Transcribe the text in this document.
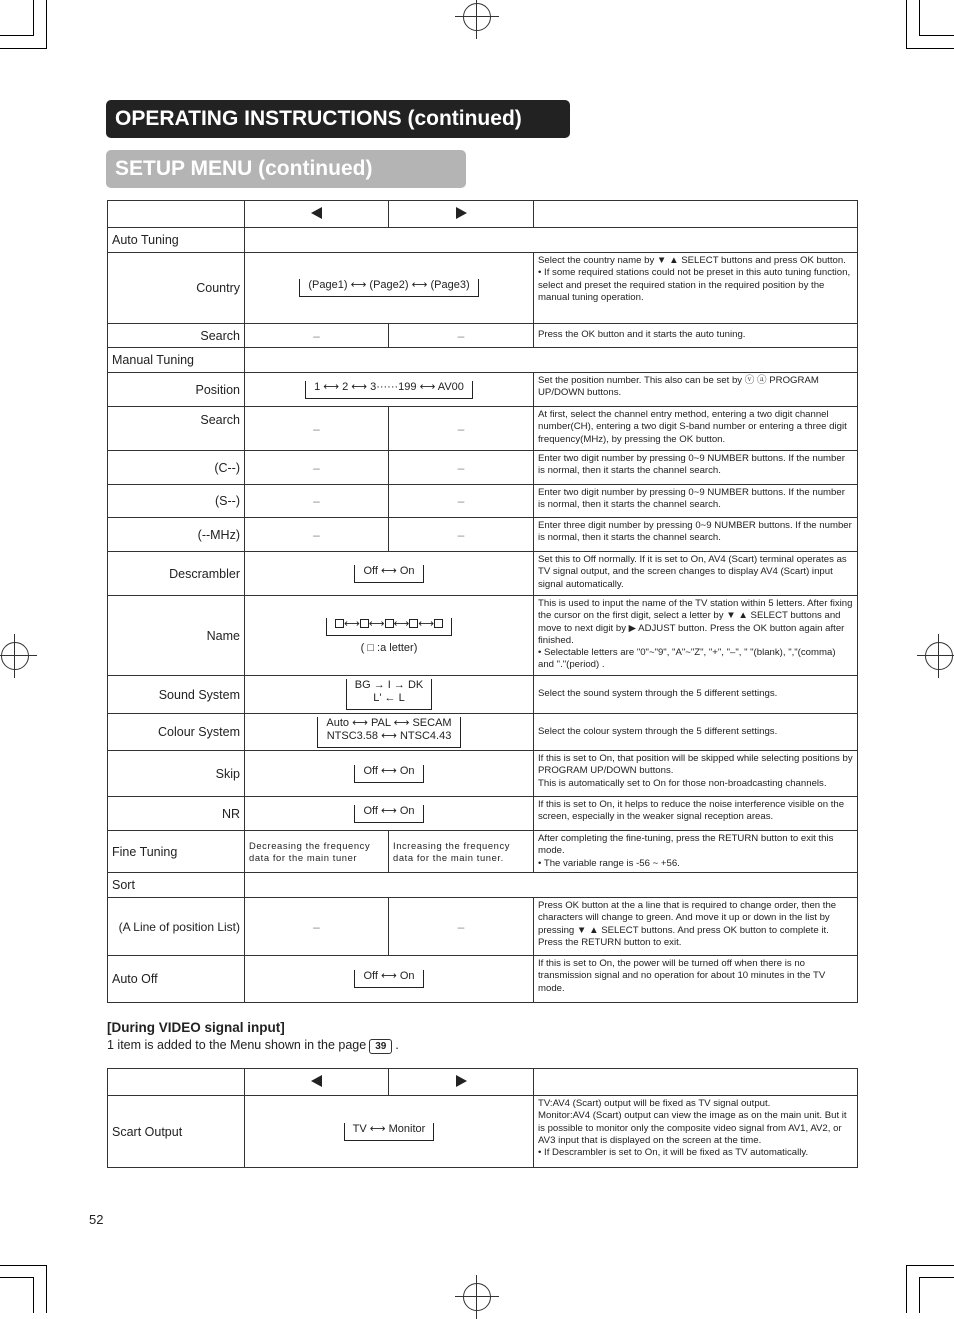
OPERATING INSTRUCTIONS (continued)
SETUP MENU (continued)

Auto Tuning			
Country	(Page1) ⟷ (Page2) ⟷ (Page3)		Select the country name by ▼ ▲ SELECT buttons and press OK button.
• If some required stations could not be preset in this auto tuning function, select and preset the required station in the required position by the manual tuning operation.
Search	–	–	Press the OK button and it starts the auto tuning.
Manual Tuning			
Position	1 ⟷ 2 ⟷ 3······199 ⟷ AV00		Set the position number. This also can be set by ⓥ ⓐ PROGRAM UP/DOWN buttons.
Search	–	–	At first, select the channel entry method, entering a two digit channel number(CH), entering a two digit S-band number or entering a three digit frequency(MHz), by pressing the OK button.
(C--)	–	–	Enter two digit number by pressing 0~9 NUMBER buttons. If the number is normal, then it starts the channel search.
(S--)	–	–	Enter two digit number by pressing 0~9 NUMBER buttons. If the number is normal, then it starts the channel search.
(--MHz)	–	–	Enter three digit number by pressing 0~9 NUMBER buttons. If the number is normal, then it starts the channel search.
Descrambler	Off ⟷ On		Set this to Off normally. If it is set to On, AV4 (Scart) terminal operates as TV signal output, and the screen changes to display AV4 (Scart) input signal automatically.
Name	⟷ ⟷ ⟷ ⟷
( □ :a letter)		This is used to input the name of the TV station within 5 letters. After fixing the cursor on the first digit, select a letter by ▼ ▲ SELECT buttons and move to next digit by ▶ ADJUST button. Press the OK button again after finished.
• Selectable letters are "0"~"9", "A"~"Z", "+", "–", " "(blank), ","(comma) and "."(period) .
Sound System	BG → I → DK
L' ← L		Select the sound system through the 5 different settings.
Colour System	Auto ⟷ PAL ⟷ SECAM
NTSC3.58 ⟷ NTSC4.43		Select the colour system through the 5 different settings.
Skip	Off ⟷ On		If this is set to On, that position will be skipped while selecting positions by PROGRAM UP/DOWN buttons.
This is automatically set to On for those non-broadcasting channels.
NR	Off ⟷ On		If this is set to On, it helps to reduce the noise interference visible on the screen, especially in the weaker signal reception areas.
Fine Tuning	Decreasing the frequency data for the main tuner	Increasing the frequency data for the main tuner.	After completing the fine-tuning, press the RETURN button to exit this mode.
• The variable range is -56 ~ +56.
Sort			
(A Line of position List)	–	–	Press OK button at the a line that is required to change order, then the characters will change to green. And move it up or down in the list by pressing ▼ ▲ SELECT buttons. And press OK button to complete it. Press the RETURN button to exit.
Auto Off	Off ⟷ On		If this is set to On, the power will be turned off when there is no transmission signal and no operation for about 10 minutes in the TV mode.
[During VIDEO signal input]
1 item is added to the Menu shown in the page 39 .

Scart Output	TV ⟷ Monitor		TV:AV4 (Scart) output will be fixed as TV signal output.
Monitor:AV4 (Scart) output can view the image as on the main unit. But it is possible to monitor only the composite video signal from AV1, AV2, or AV3 input that is displayed on the screen at the time.
• If Descrambler is set to On, it will be fixed as TV automatically.
52
